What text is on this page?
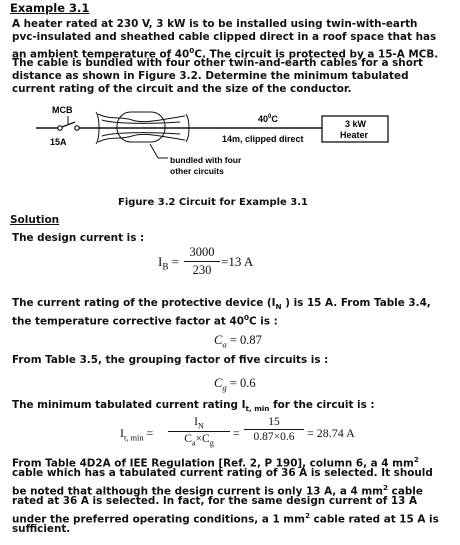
Example 3.1
A heater rated at 230 V, 3 kW is to be installed using twin-with-earth
pvc-insulated and sheathed cable clipped direct in a roof space that has
an ambient temperature of $40^0C$. The circuit is protected by a 15-A MCB.
The cable is bundled with four other twin-and-earth cables for a short
distance as shown in Figure 3.2. Determine the minimum tabulated
current rating of the circuit and the size of the conductor.
MCB
15A
bundled with four
other circuits
$40^0C$
14m, clipped direct
3 kW
Heater
Figure 3.2 Circuit for Example 3.1
Solution
The design current is :
$I_B$ =
3000
230
=13 A
The current rating of the protective device ($I_N$ ) is 15 A. From Table 3.4,
the temperature corrective factor at $40^0C$ is :
$C_a = 0.87$
From Table 3.5, the grouping factor of five circuits is :
$C_g = 0.6$
The minimum tabulated current rating $I_{t, min}$ for the circuit is :
$I_{t, min}$ =
$I_N$
$C_a\times C_g$
=
15
0.87×0.6	= 28.74 A
From Table 4D2A of IEE Regulation [Ref. 2, P 190], column 6, a 4 $mm^2$
cable which has a tabulated current rating of 36 A is selected. It should
be noted that although the design current is only 13 A, a 4 $mm^2$ cable
rated at 36 A is selected. In fact, for the same design current of 13 A
under the preferred operating conditions, a 1 $mm^2$ cable rated at 15 A is
sufficient.
